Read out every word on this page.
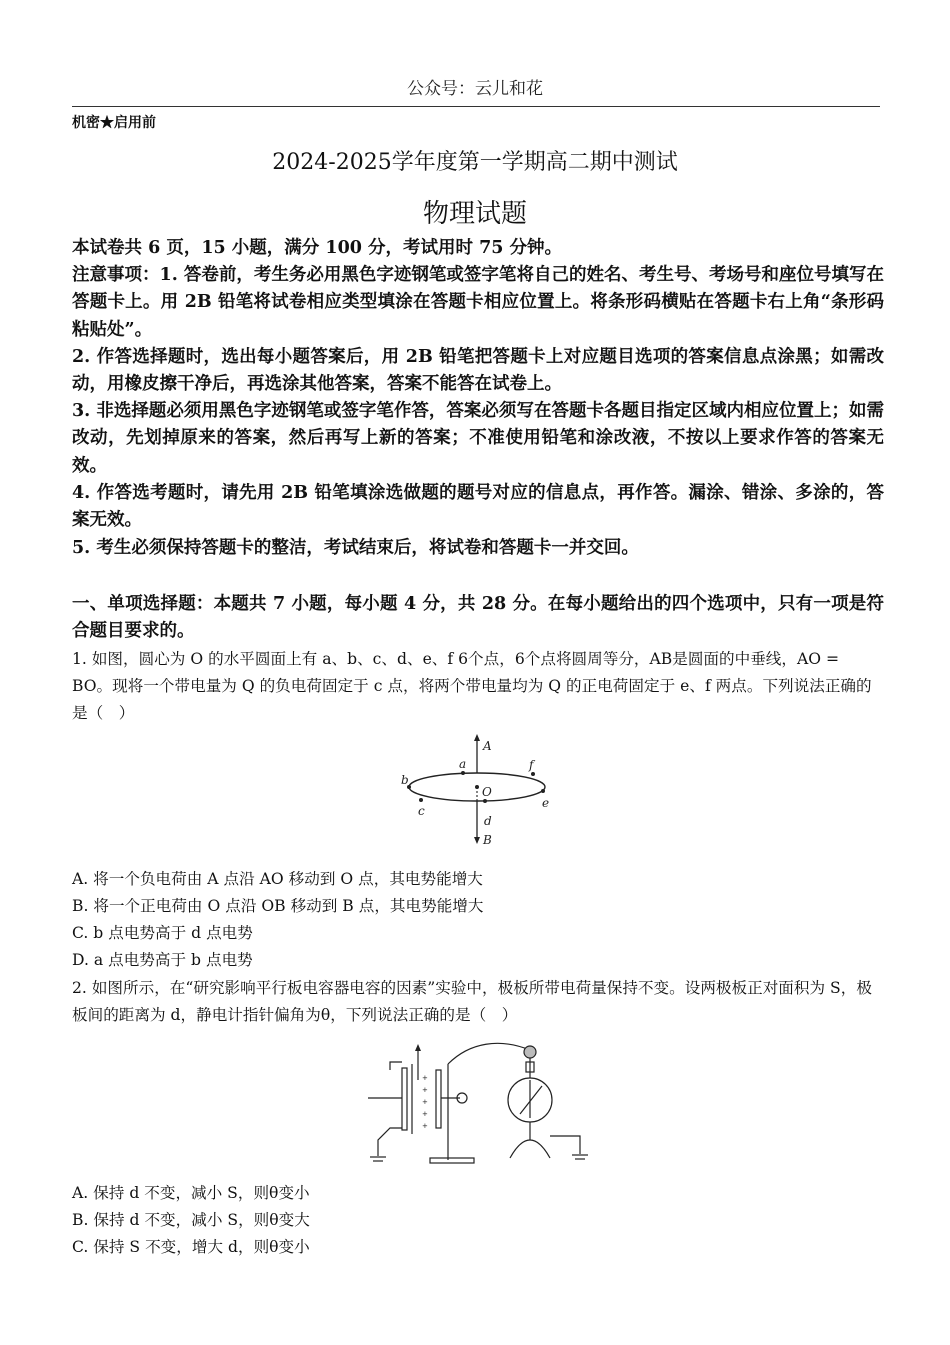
公众号：云儿和花
机密★启用前
2024-2025学年度第一学期高二期中测试
物理试题
本试卷共 6 页，15 小题，满分 100 分，考试用时 75 分钟。
注意事项：1. 答卷前，考生务必用黑色字迹钢笔或签字笔将自己的姓名、考生号、考场号和座位号填写在答题卡上。用 2B 铅笔将试卷相应类型填涂在答题卡相应位置上。将条形码横贴在答题卡右上角“条形码粘贴处”。
2. 作答选择题时，选出每小题答案后，用 2B 铅笔把答题卡上对应题目选项的答案信息点涂黑；如需改动，用橡皮擦干净后，再选涂其他答案，答案不能答在试卷上。
3. 非选择题必须用黑色字迹钢笔或签字笔作答，答案必须写在答题卡各题目指定区域内相应位置上；如需改动，先划掉原来的答案，然后再写上新的答案；不准使用铅笔和涂改液，不按以上要求作答的答案无效。
4. 作答选考题时，请先用 2B 铅笔填涂选做题的题号对应的信息点，再作答。漏涂、错涂、多涂的，答案无效。
5. 考生必须保持答题卡的整洁，考试结束后，将试卷和答题卡一并交回。
一、单项选择题：本题共 7 小题，每小题 4 分，共 28 分。在每小题给出的四个选项中，只有一项是符合题目要求的。
1. 如图，圆心为 O 的水平圆面上有 a、b、c、d、e、f 6个点，6个点将圆周等分，AB是圆面的中垂线，AO = BO。现将一个带电量为 Q 的负电荷固定于 c 点，将两个带电量均为 Q 的正电荷固定于 e、f 两点。下列说法正确的是（　）
A
B
O
a
b
c
d
e
f
A. 将一个负电荷由 A 点沿 AO 移动到 O 点，其电势能增大
B. 将一个正电荷由 O 点沿 OB 移动到 B 点，其电势能增大
C. b 点电势高于 d 点电势
D. a 点电势高于 b 点电势
2. 如图所示，在“研究影响平行板电容器电容的因素”实验中，极板所带电荷量保持不变。设两极板正对面积为 S，极板间的距离为 d，静电计指针偏角为θ，下列说法正确的是（　）
+
+
+
+
+
A. 保持 d 不变，减小 S，则θ变小
B. 保持 d 不变，减小 S，则θ变大
C. 保持 S 不变，增大 d，则θ变小
